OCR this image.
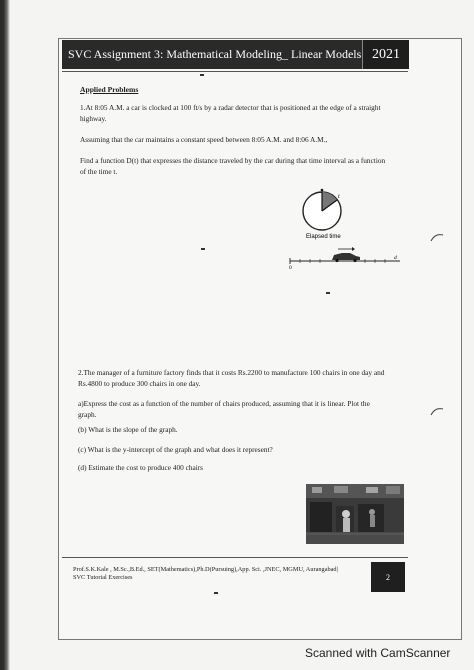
SVC Assignment 3: Mathematical Modeling_ Linear Models 2021
Applied Problems
1.At 8:05 A.M. a car is clocked at 100 ft/s by a radar detector that is positioned at the edge of a straight
highway.
Assuming that the car maintains a constant speed between 8:05 A.M. and 8:06 A.M.,
Find a function D(t) that expresses the distance traveled by the car during that time interval as a function
of the time t.
t
Elapsed time
0
d
2.The manager of a furniture factory finds that it costs Rs.2200 to manufacture 100 chairs in one day and
Rs.4800 to produce 300 chairs in one day.
a)Express the cost as a function of the number of chairs produced, assuming that it is linear. Plot the
graph.
(b) What is the slope of the graph.
(c) What is the y-intercept of the graph and what does it represent?
(d) Estimate the cost to produce 400 chairs
Prof.S.K.Kale , M.Sc.,B.Ed., SET(Mathematics),Ph.D(Pursuing),App. Sci. ,JNEC, MGMU, Aurangabad|
SVC Tutorial Exercises	2
Scanned with CamScanner
